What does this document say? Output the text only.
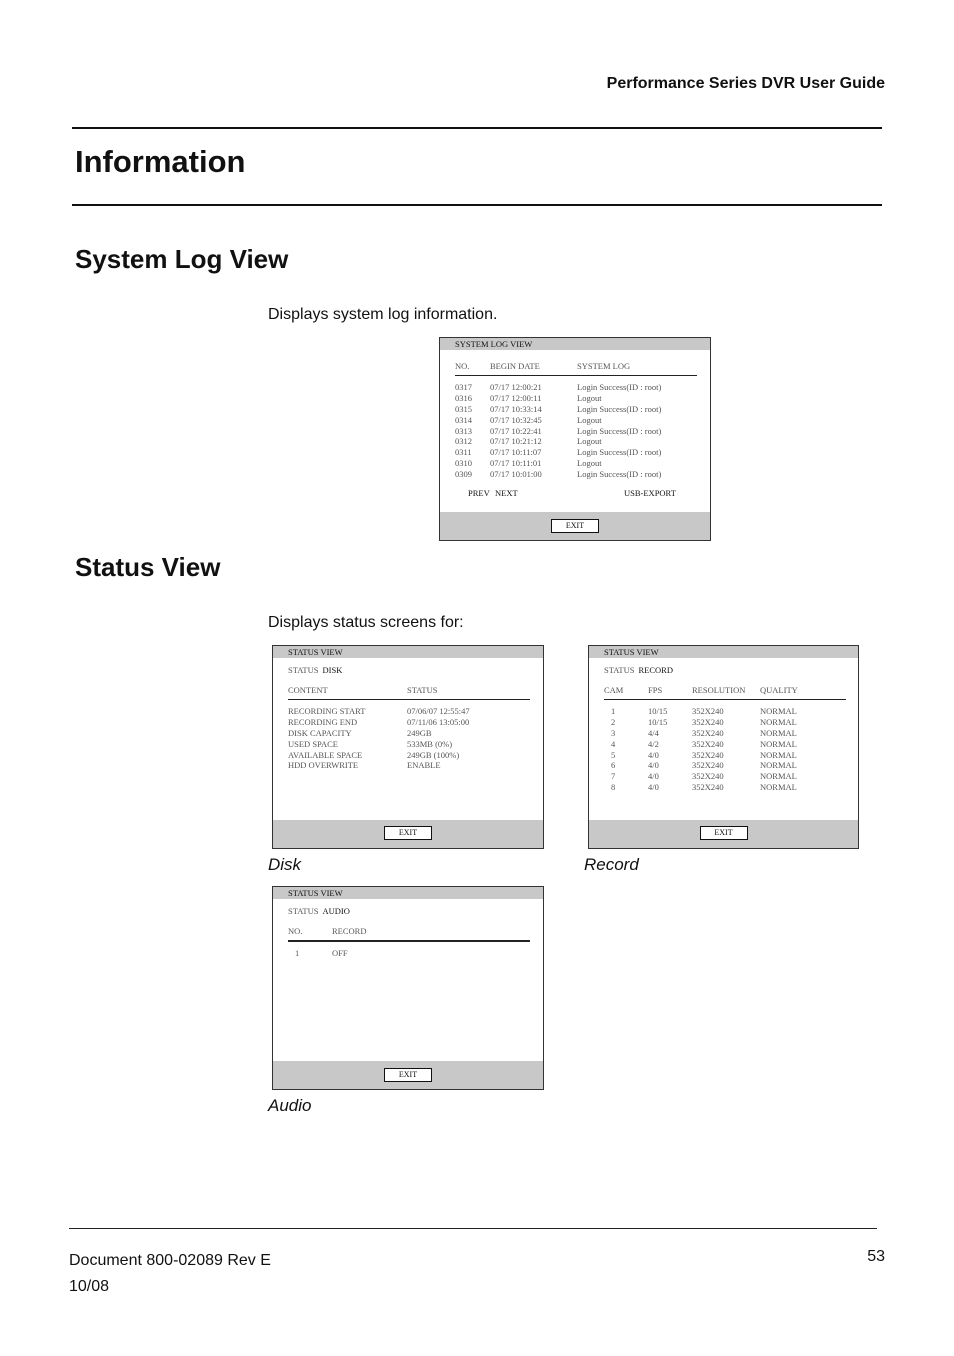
Performance Series DVR User Guide
Information
System Log View
Displays system log information.
SYSTEM LOG VIEW
NO.	BEGIN DATE	SYSTEM LOG
0317	07/17 12:00:21	Login Success(ID : root)
0316	07/17 12:00:11	Logout
0315	07/17 10:33:14	Login Success(ID : root)
0314	07/17 10:32:45	Logout
0313	07/17 10:22:41	Login Success(ID : root)
0312	07/17 10:21:12	Logout
0311	07/17 10:11:07	Login Success(ID : root)
0310	07/17 10:11:01	Logout
0309	07/17 10:01:00	Login Success(ID : root)
PREV NEXT	USB-EXPORT
EXIT
Status View
Displays status screens for:
STATUS VIEW
STATUS DISK
CONTENT	STATUS
RECORDING START	07/06/07 12:55:47
RECORDING END	07/11/06 13:05:00
DISK CAPACITY	249GB
USED SPACE	533MB (0%)
AVAILABLE SPACE	249GB (100%)
HDD OVERWRITE	ENABLE
EXIT
Disk
STATUS VIEW
STATUS RECORD
CAM	FPS	RESOLUTION	QUALITY
1	10/15	352X240	NORMAL
2	10/15	352X240	NORMAL
3	4/4	352X240	NORMAL
4	4/2	352X240	NORMAL
5	4/0	352X240	NORMAL
6	4/0	352X240	NORMAL
7	4/0	352X240	NORMAL
8	4/0	352X240	NORMAL
EXIT
Record
STATUS VIEW
STATUS AUDIO
NO.	RECORD
1	OFF
EXIT
Audio
Document 800-02089 Rev E
10/08
53
